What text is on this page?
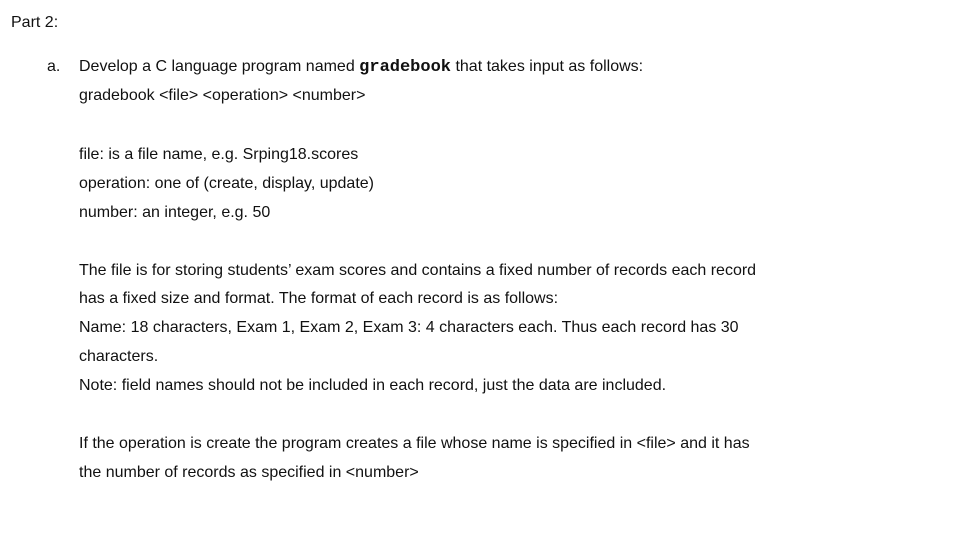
Part 2:
a. Develop a C language program named gradebook that takes input as follows:
gradebook <file> <operation> <number>
file: is a file name, e.g. Srping18.scores
operation: one of (create, display, update)
number: an integer, e.g. 50
The file is for storing students’ exam scores and contains a fixed number of records each record
has a fixed size and format. The format of each record is as follows:
Name: 18 characters, Exam 1, Exam 2, Exam 3: 4 characters each. Thus each record has 30
characters.
Note: field names should not be included in each record, just the data are included.
If the operation is create the program creates a file whose name is specified in <file> and it has
the number of records as specified in <number>
